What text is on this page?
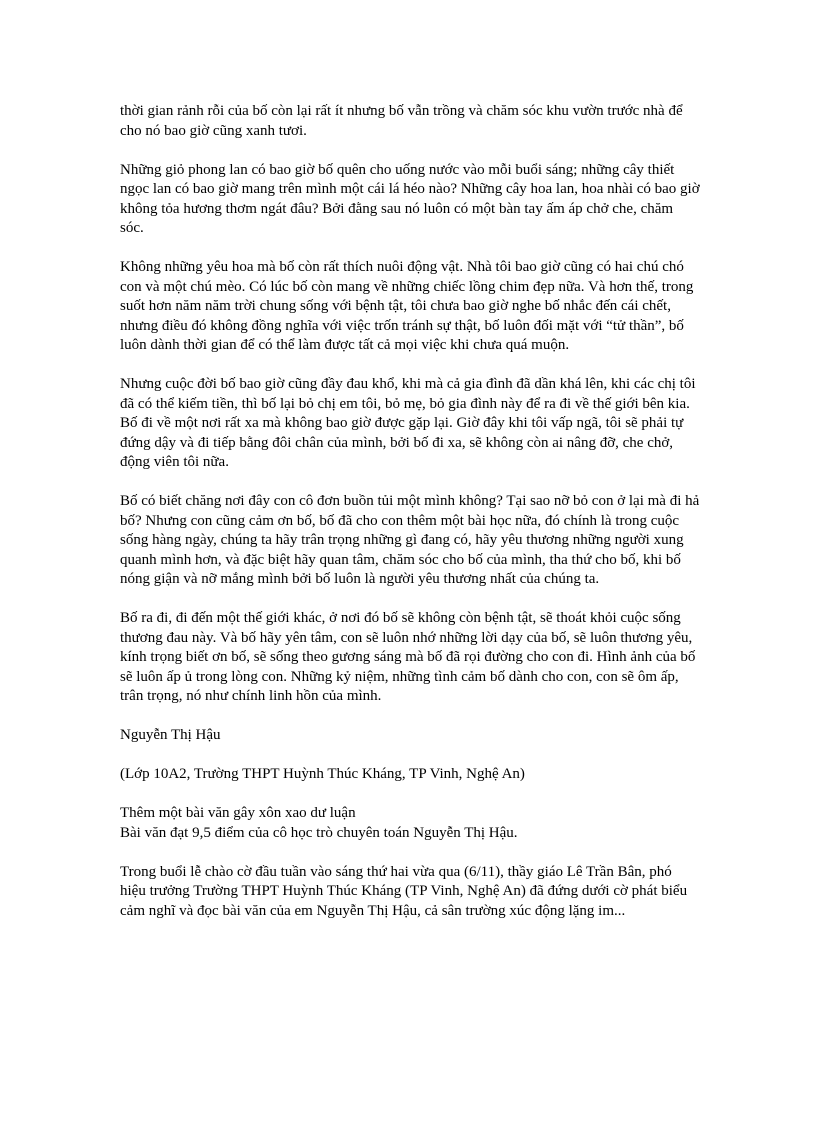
thời gian rảnh rỗi của bố còn lại rất ít nhưng bố vẫn trồng và chăm sóc khu vườn trước nhà để cho nó bao giờ cũng xanh tươi.

Những giỏ phong lan có bao giờ bố quên cho uống nước vào mỗi buổi sáng; những cây thiết ngọc lan có bao giờ mang trên mình một cái lá héo nào? Những cây hoa lan, hoa nhài có bao giờ không tỏa hương thơm ngát đâu? Bởi đằng sau nó luôn có một bàn tay ấm áp chở che, chăm sóc.

Không những yêu hoa mà bố còn rất thích nuôi động vật. Nhà tôi bao giờ cũng có hai chú chó con và một chú mèo. Có lúc bố còn mang về những chiếc lồng chim đẹp nữa. Và hơn thế, trong suốt hơn năm năm trời chung sống với bệnh tật, tôi chưa bao giờ nghe bố nhắc đến cái chết, nhưng điều đó không đồng nghĩa với việc trốn tránh sự thật, bố luôn đối mặt với “tử thần”, bố luôn dành thời gian để có thể làm được tất cả mọi việc khi chưa quá muộn.

Nhưng cuộc đời bố bao giờ cũng đầy đau khổ, khi mà cả gia đình đã dần khá lên, khi các chị tôi đã có thể kiếm tiền, thì bố lại bỏ chị em tôi, bỏ mẹ, bỏ gia đình này để ra đi về thế giới bên kia. Bố đi về một nơi rất xa mà không bao giờ được gặp lại. Giờ đây khi tôi vấp ngã, tôi sẽ phải tự đứng dậy và đi tiếp bằng đôi chân của mình, bởi bố đi xa, sẽ không còn ai nâng đỡ, che chở, động viên tôi nữa.

Bố có biết chăng nơi đây con cô đơn buồn tủi một mình không? Tại sao nỡ bỏ con ở lại mà đi hả bố? Nhưng con cũng cảm ơn bố, bố đã cho con thêm một bài học nữa, đó chính là trong cuộc sống hàng ngày, chúng ta hãy trân trọng những gì đang có, hãy yêu thương những người xung quanh mình hơn, và đặc biệt hãy quan tâm, chăm sóc cho bố của mình, tha thứ cho bố, khi bố nóng giận và nỡ mắng mình bởi bố luôn là người yêu thương nhất của chúng ta.

Bố ra đi, đi đến một thế giới khác, ở nơi đó bố sẽ không còn bệnh tật, sẽ thoát khỏi cuộc sống thương đau này. Và bố hãy yên tâm, con sẽ luôn nhớ những lời dạy của bố, sẽ luôn thương yêu, kính trọng biết ơn bố, sẽ sống theo gương sáng mà bố đã rọi đường cho con đi. Hình ảnh của bố sẽ luôn ấp ủ trong lòng con. Những kỷ niệm, những tình cảm bố dành cho con, con sẽ ôm ấp, trân trọng, nó như chính linh hồn của mình.

Nguyễn Thị Hậu

(Lớp 10A2, Trường THPT Huỳnh Thúc Kháng, TP Vinh, Nghệ An)

Thêm một bài văn gây xôn xao dư luận

Bài văn đạt 9,5 điểm của cô học trò chuyên toán Nguyễn Thị Hậu.

Trong buổi lễ chào cờ đầu tuần vào sáng thứ hai vừa qua (6/11), thầy giáo Lê Trần Bân, phó hiệu trưởng Trường THPT Huỳnh Thúc Kháng (TP Vinh, Nghệ An) đã đứng dưới cờ phát biểu cảm nghĩ và đọc bài văn của em Nguyễn Thị Hậu, cả sân trường xúc động lặng im...
